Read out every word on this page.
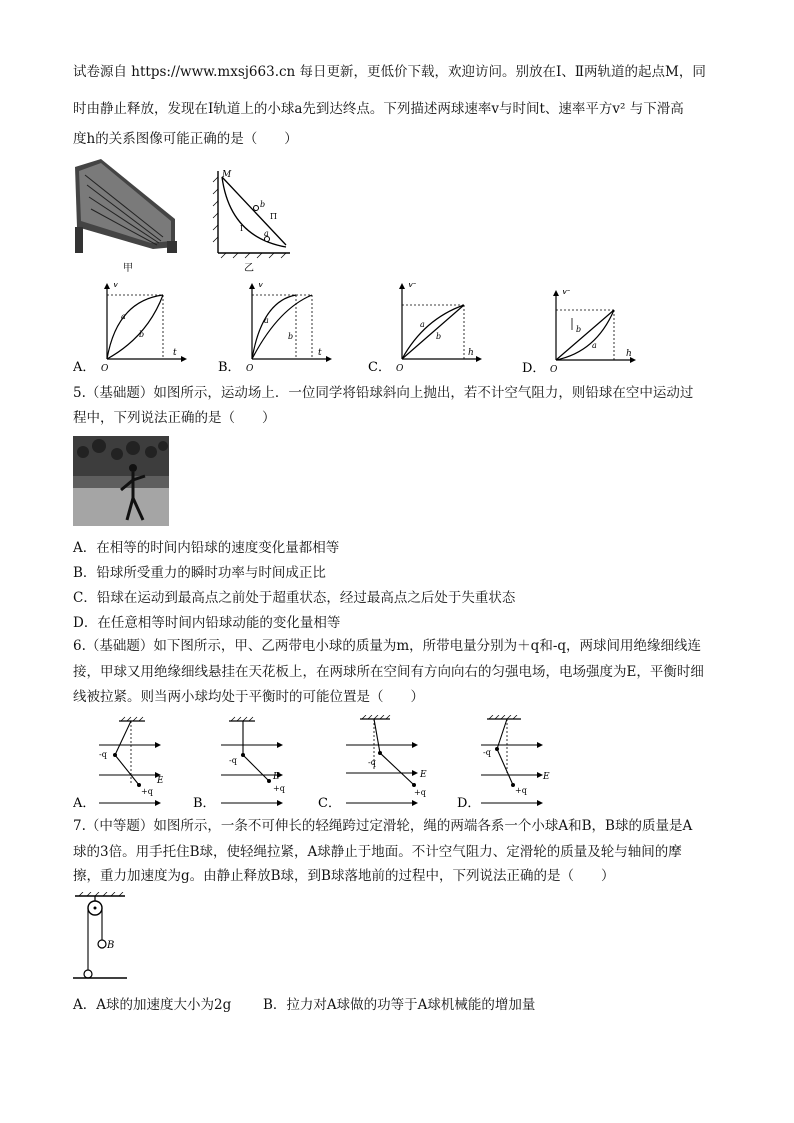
试卷源自 https://www.mxsj663.cn 每日更新，更低价下载，欢迎访问。别放在Ⅰ、Ⅱ两轨道的起点M，同
时由静止释放，发现在Ⅰ轨道上的小球a先到达终点。下列描述两球速率v与时间t、速率平方v² 与下滑高
度h的关系图像可能正确的是（　　）
甲
M
b
Π
Ⅰ
a
乙
A．
v
t
O
a
b
B．
v
t
O
a
b
C．
v²
h
O
a
b
D．
v²
h
O
b
a
5.（基础题）如图所示，运动场上．一位同学将铅球斜向上抛出，若不计空气阻力，则铅球在空中运动过
程中，下列说法正确的是（　　）
A．在相等的时间内铅球的速度变化量都相等
B．铅球所受重力的瞬时功率与时间成正比
C．铅球在运动到最高点之前处于超重状态，经过最高点之后处于失重状态
D．在任意相等时间内铅球动能的变化量相等
6.（基础题）如下图所示，甲、乙两带电小球的质量为m，所带电量分别为＋q和-q，两球间用绝缘细线连
接，甲球又用绝缘细线悬挂在天花板上，在两球所在空间有方向向右的匀强电场，电场强度为E，平衡时细
线被拉紧。则当两小球均处于平衡时的可能位置是（　　）
A．
-q
+q
E
B．
-q
+q
E
C．
-q
+q
E
D．
-q
+q
E
7.（中等题）如图所示，一条不可伸长的轻绳跨过定滑轮，绳的两端各系一个小球A和B，B球的质量是A
球的3倍。用手托住B球，使轻绳拉紧，A球静止于地面。不计空气阻力、定滑轮的质量及轮与轴间的摩
擦，重力加速度为g。由静止释放B球，到B球落地前的过程中，下列说法正确的是（　　）
B
A．A球的加速度大小为2g B．拉力对A球做的功等于A球机械能的增加量
